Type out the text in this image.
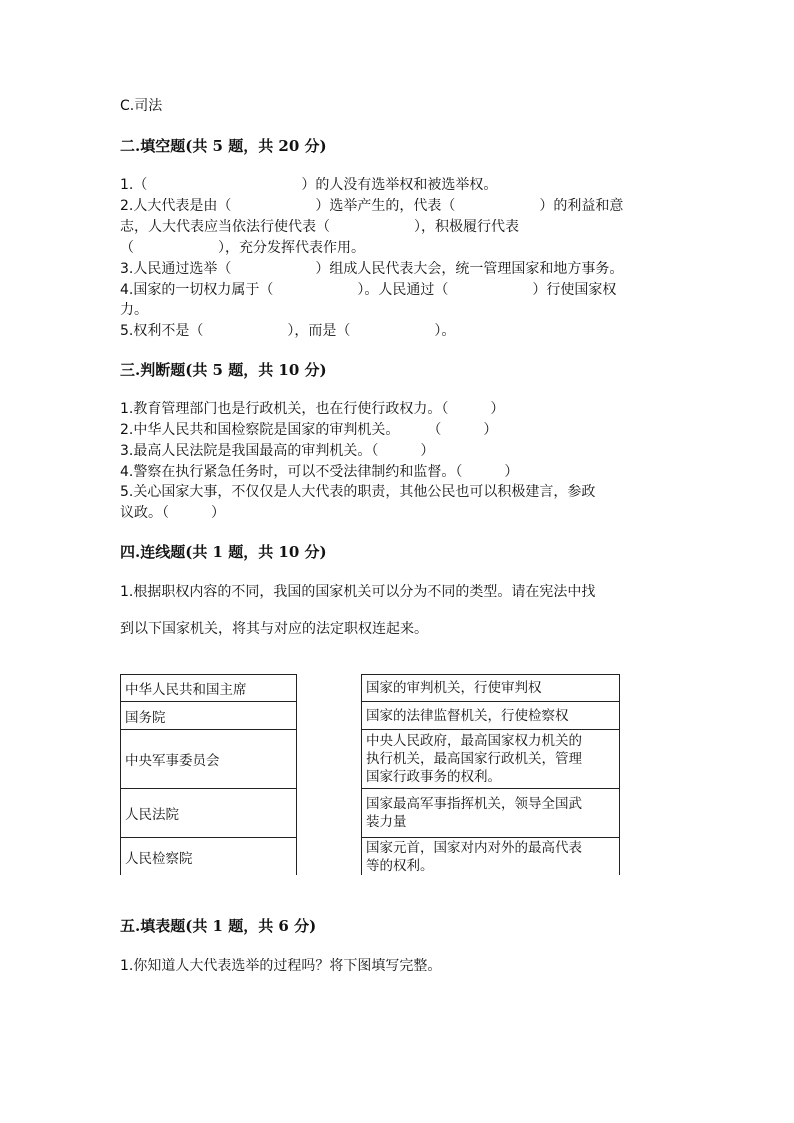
C.司法
二.填空题(共 5 题，共 20 分)
1.（　　　　　　　　　　　）的人没有选举权和被选举权。
2.人大代表是由（　　　　　　）选举产生的，代表（　　　　　　）的利益和意
志，人大代表应当依法行使代表（　　　　　　），积极履行代表
（　　　　　　），充分发挥代表作用。
3.人民通过选举（　　　　　　）组成人民代表大会，统一管理国家和地方事务。
4.国家的一切权力属于（　　　　　　）。人民通过（　　　　　　）行使国家权
力。
5.权利不是（　　　　　　），而是（　　　　　　）。
三.判断题(共 5 题，共 10 分)
1.教育管理部门也是行政机关，也在行使行政权力。（　　　）
2.中华人民共和国检察院是国家的审判机关。　　　（　　　）
3.最高人民法院是我国最高的审判机关。（　　　）
4.警察在执行紧急任务时，可以不受法律制约和监督。（　　　）
5.关心国家大事，不仅仅是人大代表的职责，其他公民也可以积极建言，参政
议政。（　　　）
四.连线题(共 1 题，共 10 分)
1.根据职权内容的不同，我国的国家机关可以分为不同的类型。请在宪法中找
到以下国家机关，将其与对应的法定职权连起来。
中华人民共和国主席
国务院
中央军事委员会
人民法院
人民检察院
国家的审判机关，行使审判权
国家的法律监督机关，行使检察权
中央人民政府，最高国家权力机关的
执行机关，最高国家行政机关，管理
国家行政事务的权利。
国家最高军事指挥机关，领导全国武
装力量
国家元首，国家对内对外的最高代表
等的权利。
五.填表题(共 1 题，共 6 分)
1.你知道人大代表选举的过程吗？将下图填写完整。
